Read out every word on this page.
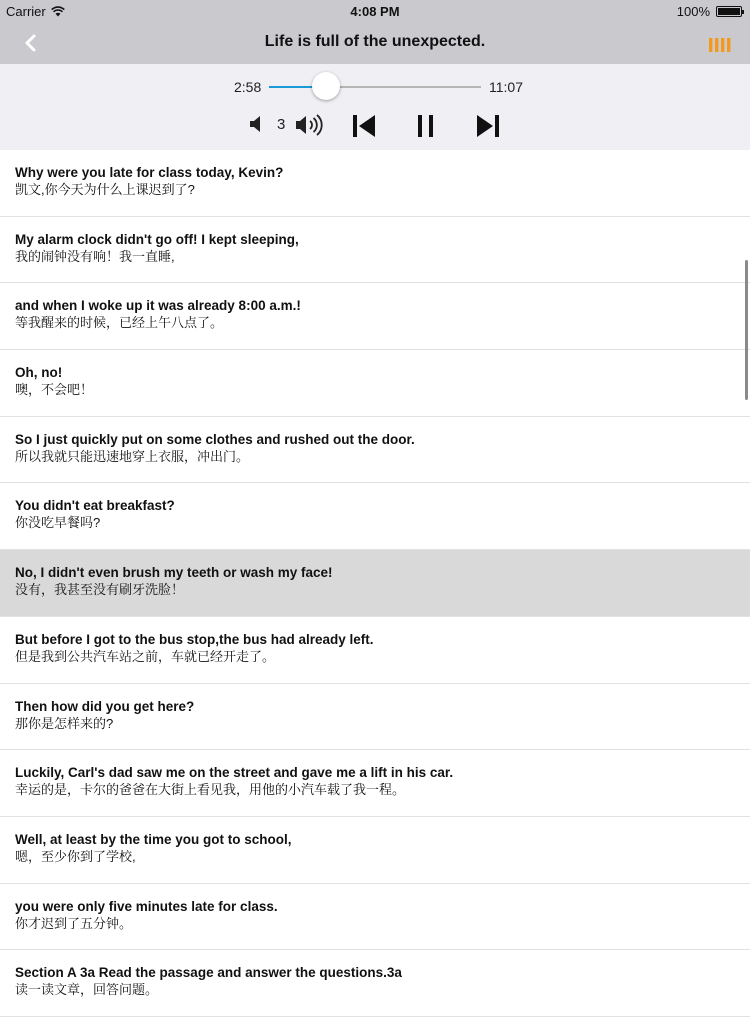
Carrier	4:08 PM	100%
Life is full of the unexpected.
2:58	11:07
3
Why were you late for class today, Kevin?
凯文,你今天为什么上课迟到了?
My alarm clock didn't go off! I kept sleeping,
我的闹钟没有响！我一直睡,
and when I woke up it was already 8:00 a.m.!
等我醒来的时候，已经上午八点了。
Oh, no!
噢，不会吧！
So I just quickly put on some clothes and rushed out the door.
所以我就只能迅速地穿上衣服，冲出门。
You didn't eat breakfast?
你没吃早餐吗?
No, I didn't even brush my teeth or wash my face!
没有，我甚至没有刷牙洗脸！
But before I got to the bus stop,the bus had already left.
但是我到公共汽车站之前，车就已经开走了。
Then how did you get here?
那你是怎样来的?
Luckily, Carl's dad saw me on the street and gave me a lift in his car.
幸运的是，卡尔的爸爸在大街上看见我，用他的小汽车载了我一程。
Well, at least by the time you got to school,
嗯，至少你到了学校,
you were only five minutes late for class.
你才迟到了五分钟。
Section A 3a Read the passage and answer the questions.3a
读一读文章，回答问题。
